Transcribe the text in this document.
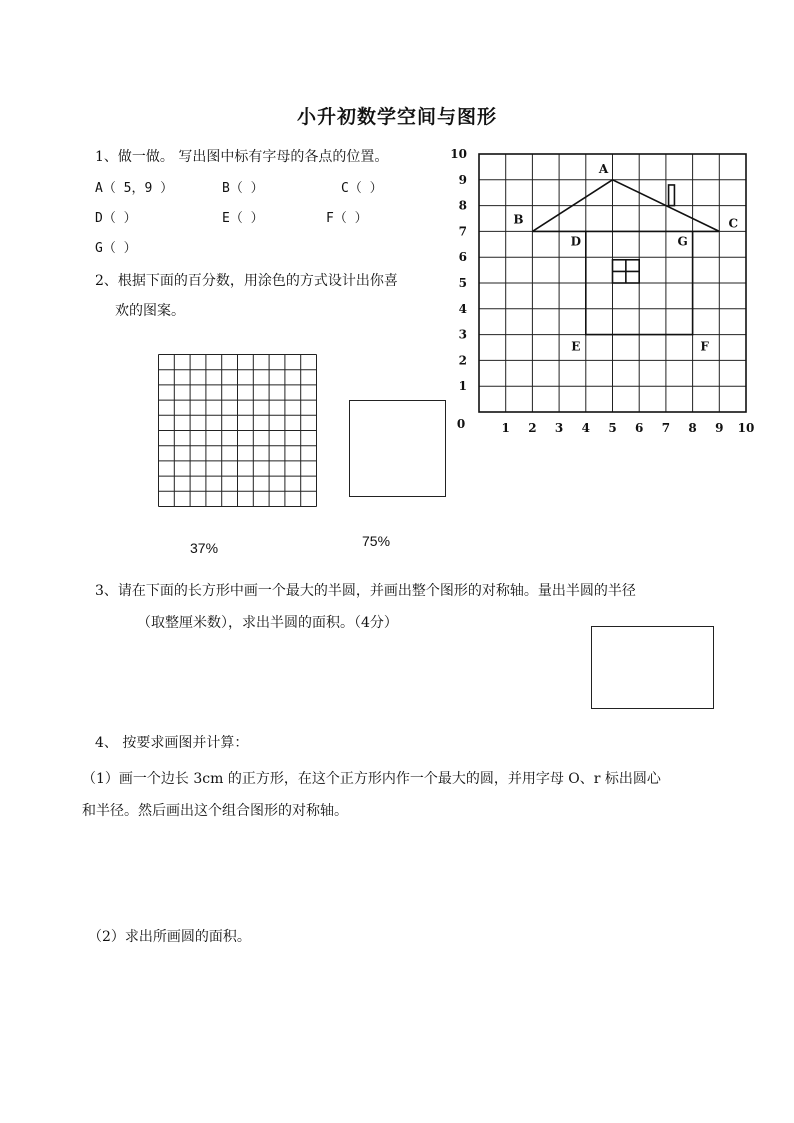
小升初数学空间与图形
1、做一做。 写出图中标有字母的各点的位置。
A（ 5，9 ）	B（ ）	C（ ）
D（ ）	E（ ）	F（ ）
G（ ）
2、根据下面的百分数，用涂色的方式设计出你喜
欢的图案。
37%	75%
1 2 3 4 5 6 7 8 9 10
1
2
3
4
5
6
7
8
9
10
0
A
B	C
D	G
E	F
3、请在下面的长方形中画一个最大的半圆，并画出整个图形的对称轴。量出半圆的半径
（取整厘米数），求出半圆的面积。（4分）
4、 按要求画图并计算：
（1）画一个边长 3cm 的正方形，在这个正方形内作一个最大的圆，并用字母 O、r 标出圆心
和半径。然后画出这个组合图形的对称轴。
（2）求出所画圆的面积。
